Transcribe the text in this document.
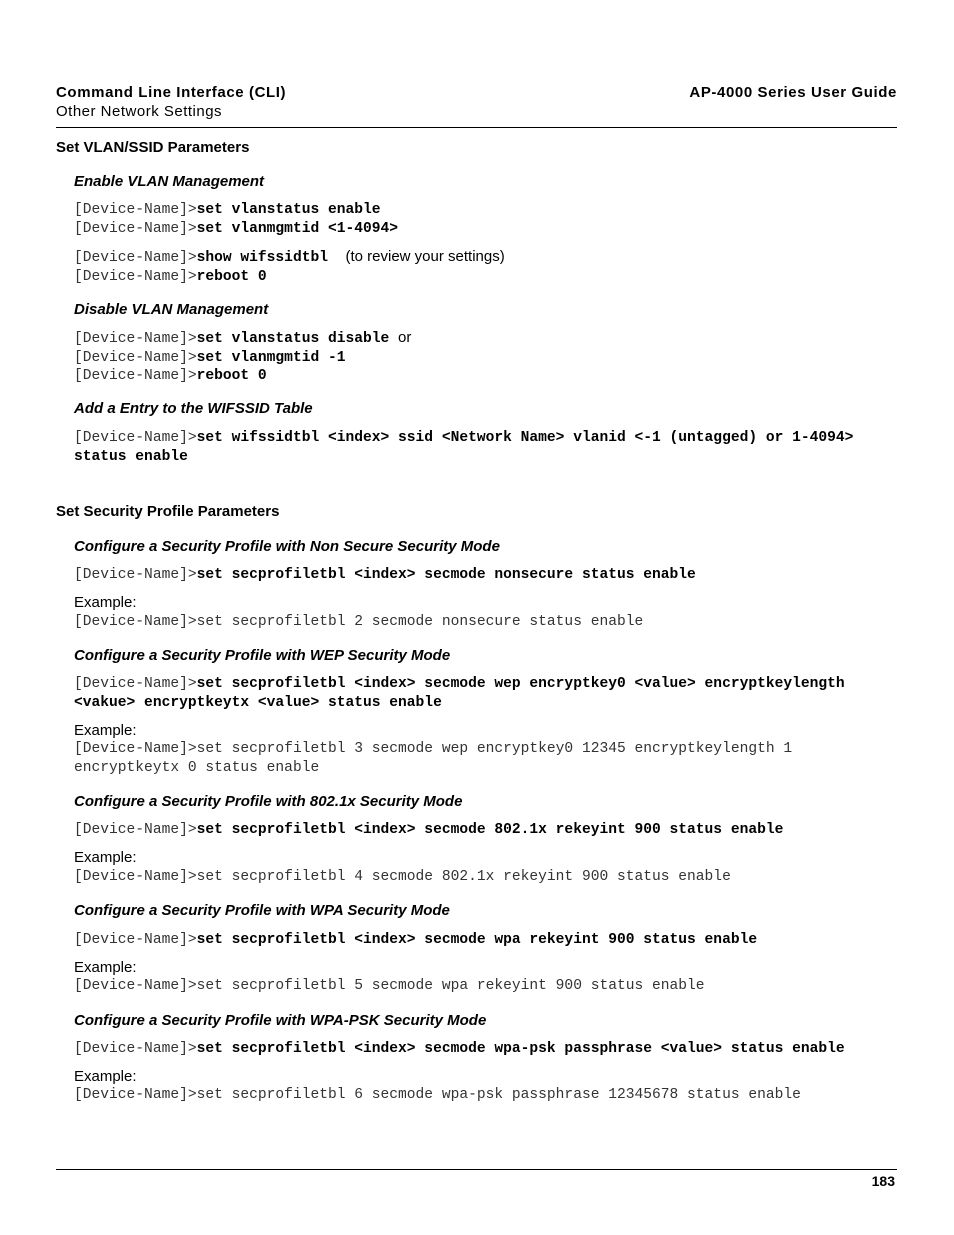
Command Line Interface (CLI)
Other Network Settings
AP-4000 Series User Guide
Set VLAN/SSID Parameters
Enable VLAN Management
[Device-Name]>set vlanstatus enable
[Device-Name]>set vlanmgmtid <1-4094>
[Device-Name]>show wifssidtbl (to review your settings)
[Device-Name]>reboot 0
Disable VLAN Management
[Device-Name]>set vlanstatus disable or
[Device-Name]>set vlanmgmtid -1
[Device-Name]>reboot 0
Add a Entry to the WIFSSID Table
[Device-Name]>set wifssidtbl <index> ssid <Network Name> vlanid <-1 (untagged) or 1-4094>
status enable
Set Security Profile Parameters
Configure a Security Profile with Non Secure Security Mode
[Device-Name]>set secprofiletbl <index> secmode nonsecure status enable
Example:
[Device-Name]>set secprofiletbl 2 secmode nonsecure status enable
Configure a Security Profile with WEP Security Mode
[Device-Name]>set secprofiletbl <index> secmode wep encryptkey0 <value> encryptkeylength
<vakue> encryptkeytx <value> status enable
Example:
[Device-Name]>set secprofiletbl 3 secmode wep encryptkey0 12345 encryptkeylength 1
encryptkeytx 0 status enable
Configure a Security Profile with 802.1x Security Mode
[Device-Name]>set secprofiletbl <index> secmode 802.1x rekeyint 900 status enable
Example:
[Device-Name]>set secprofiletbl 4 secmode 802.1x rekeyint 900 status enable
Configure a Security Profile with WPA Security Mode
[Device-Name]>set secprofiletbl <index> secmode wpa rekeyint 900 status enable
Example:
[Device-Name]>set secprofiletbl 5 secmode wpa rekeyint 900 status enable
Configure a Security Profile with WPA-PSK Security Mode
[Device-Name]>set secprofiletbl <index> secmode wpa-psk passphrase <value> status enable
Example:
[Device-Name]>set secprofiletbl 6 secmode wpa-psk passphrase 12345678 status enable
183
